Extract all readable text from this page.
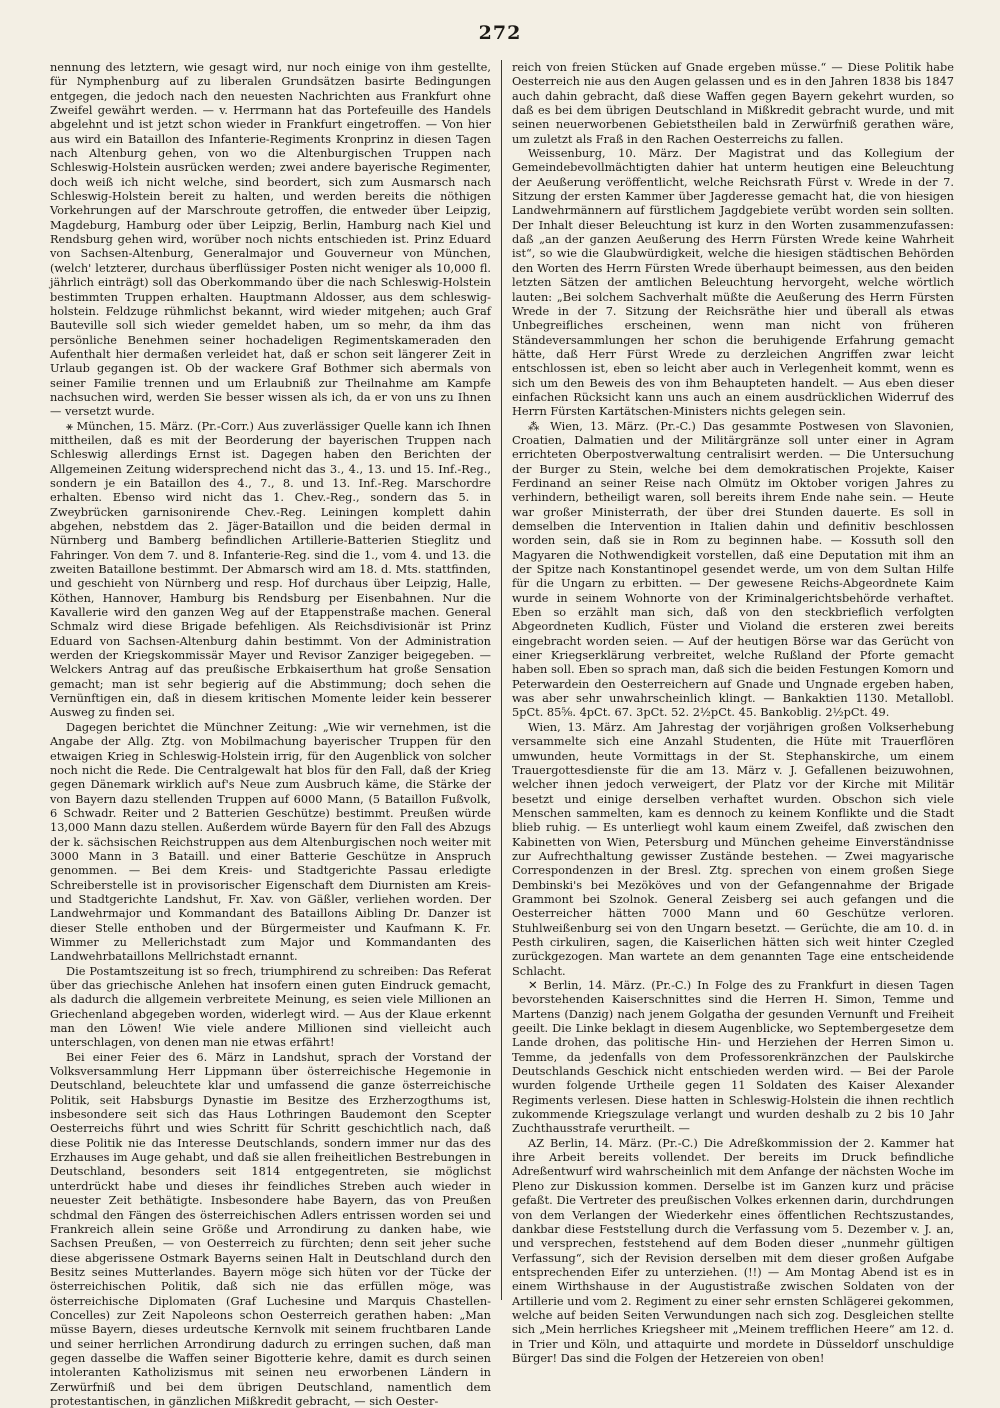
272

nennung des letztern, wie gesagt wird, nur noch einige von ihm gestellte, für Nymphenburg auf zu liberalen Grundsätzen basirte Bedingungen entgegen, die jedoch nach den neuesten Nachrichten aus Frankfurt ohne Zweifel gewährt werden. — v. Herrmann hat das Portefeuille des Handels abgelehnt und ist jetzt schon wieder in Frankfurt eingetroffen. — Von hier aus wird ein Bataillon des Infanterie-Regiments Kronprinz in diesen Tagen nach Altenburg gehen, von wo die Altenburgischen Truppen nach Schleswig-Holstein ausrücken werden; zwei andere bayerische Regimenter, doch weiß ich nicht welche, sind beordert, sich zum Ausmarsch nach Schleswig-Holstein bereit zu halten, und werden bereits die nöthigen Vorkehrungen auf der Marschroute getroffen, die entweder über Leipzig, Magdeburg, Hamburg oder über Leipzig, Berlin, Hamburg nach Kiel und Rendsburg gehen wird, worüber noch nichts entschieden ist. Prinz Eduard von Sachsen-Altenburg, Generalmajor und Gouverneur von München, (welch' letzterer, durchaus überflüssiger Posten nicht weniger als 10,000 fl. jährlich einträgt) soll das Oberkommando über die nach Schleswig-Holstein bestimmten Truppen erhalten. Hauptmann Aldosser, aus dem schleswig-holstein. Feldzuge rühmlichst bekannt, wird wieder mitgehen; auch Graf Bauteville soll sich wieder gemeldet haben, um so mehr, da ihm das persönliche Benehmen seiner hochadeligen Regimentskameraden den Aufenthalt hier dermaßen verleidet hat, daß er schon seit längerer Zeit in Urlaub gegangen ist. Ob der wackere Graf Bothmer sich abermals von seiner Familie trennen und um Erlaubniß zur Theilnahme am Kampfe nachsuchen wird, werden Sie besser wissen als ich, da er von uns zu Ihnen — versetzt wurde.

⚹ München, 15. März. (Pr.-Corr.) Aus zuverlässiger Quelle kann ich Ihnen mittheilen, daß es mit der Beorderung der bayerischen Truppen nach Schleswig allerdings Ernst ist. Dagegen haben den Berichten der Allgemeinen Zeitung widersprechend nicht das 3., 4., 13. und 15. Inf.-Reg., sondern je ein Bataillon des 4., 7., 8. und 13. Inf.-Reg. Marschordre erhalten. Ebenso wird nicht das 1. Chev.-Reg., sondern das 5. in Zweybrücken garnisonirende Chev.-Reg. Leiningen komplett dahin abgehen, nebstdem das 2. Jäger-Bataillon und die beiden dermal in Nürnberg und Bamberg befindlichen Artillerie-Batterien Stieglitz und Fahringer. Von dem 7. und 8. Infanterie-Reg. sind die 1., vom 4. und 13. die zweiten Bataillone bestimmt. Der Abmarsch wird am 18. d. Mts. stattfinden, und geschieht von Nürnberg und resp. Hof durchaus über Leipzig, Halle, Köthen, Hannover, Hamburg bis Rendsburg per Eisenbahnen. Nur die Kavallerie wird den ganzen Weg auf der Etappenstraße machen. General Schmalz wird diese Brigade befehligen. Als Reichsdivisionär ist Prinz Eduard von Sachsen-Altenburg dahin bestimmt. Von der Administration werden der Kriegskommissär Mayer und Revisor Zanziger beigegeben. — Welckers Antrag auf das preußische Erbkaiserthum hat große Sensation gemacht; man ist sehr begierig auf die Abstimmung; doch sehen die Vernünftigen ein, daß in diesem kritischen Momente leider kein besserer Ausweg zu finden sei.

Dagegen berichtet die Münchner Zeitung: „Wie wir vernehmen, ist die Angabe der Allg. Ztg. von Mobilmachung bayerischer Truppen für den etwaigen Krieg in Schleswig-Holstein irrig, für den Augenblick von solcher noch nicht die Rede. Die Centralgewalt hat blos für den Fall, daß der Krieg gegen Dänemark wirklich auf's Neue zum Ausbruch käme, die Stärke der von Bayern dazu stellenden Truppen auf 6000 Mann, (5 Bataillon Fußvolk, 6 Schwadr. Reiter und 2 Batterien Geschütze) bestimmt. Preußen würde 13,000 Mann dazu stellen. Außerdem würde Bayern für den Fall des Abzugs der k. sächsischen Reichstruppen aus dem Altenburgischen noch weiter mit 3000 Mann in 3 Bataill. und einer Batterie Geschütze in Anspruch genommen. — Bei dem Kreis- und Stadtgerichte Passau erledigte Schreiberstelle ist in provisorischer Eigenschaft dem Diurnisten am Kreis- und Stadtgerichte Landshut, Fr. Xav. von Gäßler, verliehen worden. Der Landwehrmajor und Kommandant des Bataillons Aibling Dr. Danzer ist dieser Stelle enthoben und der Bürgermeister und Kaufmann K. Fr. Wimmer zu Mellerichstadt zum Major und Kommandanten des Landwehrbataillons Mellrichstadt ernannt.

Die Postamtszeitung ist so frech, triumphirend zu schreiben: Das Referat über das griechische Anlehen hat insofern einen guten Eindruck gemacht, als dadurch die allgemein verbreitete Meinung, es seien viele Millionen an Griechenland abgegeben worden, widerlegt wird. — Aus der Klaue erkennt man den Löwen! Wie viele andere Millionen sind vielleicht auch unterschlagen, von denen man nie etwas erfährt!

Bei einer Feier des 6. März in Landshut, sprach der Vorstand der Volksversammlung Herr Lippmann über österreichische Hegemonie in Deutschland, beleuchtete klar und umfassend die ganze österreichische Politik, seit Habsburgs Dynastie im Besitze des Erzherzogthums ist, insbesondere seit sich das Haus Lothringen Baudemont den Scepter Oesterreichs führt und wies Schritt für Schritt geschichtlich nach, daß diese Politik nie das Interesse Deutschlands, sondern immer nur das des Erzhauses im Auge gehabt, und daß sie allen freiheitlichen Bestrebungen in Deutschland, besonders seit 1814 entgegentreten, sie möglichst unterdrückt habe und dieses ihr feindliches Streben auch wieder in neuester Zeit bethätigte. Insbesondere habe Bayern, das von Preußen schdmal den Fängen des österreichischen Adlers entrissen worden sei und Frankreich allein seine Größe und Arrondirung zu danken habe, wie Sachsen Preußen, — von Oesterreich zu fürchten; denn seit jeher suche diese abgerissene Ostmark Bayerns seinen Halt in Deutschland durch den Besitz seines Mutterlandes. Bayern möge sich hüten vor der Tücke der österreichischen Politik, daß sich nie das erfüllen möge, was österreichische Diplomaten (Graf Luchesine und Marquis Chastellen-Concelles) zur Zeit Napoleons schon Oesterreich gerathen haben: „Man müsse Bayern, dieses urdeutsche Kernvolk mit seinem fruchtbaren Lande und seiner herrlichen Arrondirung dadurch zu erringen suchen, daß man gegen dasselbe die Waffen seiner Bigotterie kehre, damit es durch seinen intoleranten Katholizismus mit seinen neu erworbenen Ländern in Zerwürfniß und bei dem übrigen Deutschland, namentlich dem protestantischen, in gänzlichen Mißkredit gebracht, — sich Oester-

reich von freien Stücken auf Gnade ergeben müsse.“ — Diese Politik habe Oesterreich nie aus den Augen gelassen und es in den Jahren 1838 bis 1847 auch dahin gebracht, daß diese Waffen gegen Bayern gekehrt wurden, so daß es bei dem übrigen Deutschland in Mißkredit gebracht wurde, und mit seinen neuerworbenen Gebietstheilen bald in Zerwürfniß gerathen wäre, um zuletzt als Fraß in den Rachen Oesterreichs zu fallen.

Weissenburg, 10. März. Der Magistrat und das Kollegium der Gemeindebevollmächtigten dahier hat unterm heutigen eine Beleuchtung der Aeußerung veröffentlicht, welche Reichsrath Fürst v. Wrede in der 7. Sitzung der ersten Kammer über Jagderesse gemacht hat, die von hiesigen Landwehrmännern auf fürstlichem Jagdgebiete verübt worden sein sollten. Der Inhalt dieser Beleuchtung ist kurz in den Worten zusammenzufassen: daß „an der ganzen Aeußerung des Herrn Fürsten Wrede keine Wahrheit ist“, so wie die Glaubwürdigkeit, welche die hiesigen städtischen Behörden den Worten des Herrn Fürsten Wrede überhaupt beimessen, aus den beiden letzten Sätzen der amtlichen Beleuchtung hervorgeht, welche wörtlich lauten: „Bei solchem Sachverhalt müßte die Aeußerung des Herrn Fürsten Wrede in der 7. Sitzung der Reichsräthe hier und überall als etwas Unbegreifliches erscheinen, wenn man nicht von früheren Ständeversammlungen her schon die beruhigende Erfahrung gemacht hätte, daß Herr Fürst Wrede zu derzleichen Angriffen zwar leicht entschlossen ist, eben so leicht aber auch in Verlegenheit kommt, wenn es sich um den Beweis des von ihm Behaupteten handelt. — Aus eben dieser einfachen Rücksicht kann uns auch an einem ausdrücklichen Widerruf des Herrn Fürsten Kartätschen-Ministers nichts gelegen sein.

⁂ Wien, 13. März. (Pr.-C.) Das gesammte Postwesen von Slavonien, Croatien, Dalmatien und der Militärgränze soll unter einer in Agram errichteten Oberpostverwaltung centralisirt werden. — Die Untersuchung der Burger zu Stein, welche bei dem demokratischen Projekte, Kaiser Ferdinand an seiner Reise nach Olmütz im Oktober vorigen Jahres zu verhindern, betheiligt waren, soll bereits ihrem Ende nahe sein. — Heute war großer Ministerrath, der über drei Stunden dauerte. Es soll in demselben die Intervention in Italien dahin und definitiv beschlossen worden sein, daß sie in Rom zu beginnen habe. — Kossuth soll den Magyaren die Nothwendigkeit vorstellen, daß eine Deputation mit ihm an der Spitze nach Konstantinopel gesendet werde, um von dem Sultan Hilfe für die Ungarn zu erbitten. — Der gewesene Reichs-Abgeordnete Kaim wurde in seinem Wohnorte von der Kriminalgerichtsbehörde verhaftet. Eben so erzählt man sich, daß von den steckbrieflich verfolgten Abgeordneten Kudlich, Füster und Violand die ersteren zwei bereits eingebracht worden seien. — Auf der heutigen Börse war das Gerücht von einer Kriegserklärung verbreitet, welche Rußland der Pforte gemacht haben soll. Eben so sprach man, daß sich die beiden Festungen Komorn und Peterwardein den Oesterreichern auf Gnade und Ungnade ergeben haben, was aber sehr unwahrscheinlich klingt. — Bankaktien 1130. Metallobl. 5pCt. 85⅝. 4pCt. 67. 3pCt. 52. 2½pCt. 45. Bankoblig. 2½pCt. 49.

Wien, 13. März. Am Jahrestag der vorjährigen großen Volkserhebung versammelte sich eine Anzahl Studenten, die Hüte mit Trauerflören umwunden, heute Vormittags in der St. Stephanskirche, um einem Trauergottesdienste für die am 13. März v. J. Gefallenen beizuwohnen, welcher ihnen jedoch verweigert, der Platz vor der Kirche mit Militär besetzt und einige derselben verhaftet wurden. Obschon sich viele Menschen sammelten, kam es dennoch zu keinem Konflikte und die Stadt blieb ruhig. — Es unterliegt wohl kaum einem Zweifel, daß zwischen den Kabinetten von Wien, Petersburg und München geheime Einverständnisse zur Aufrechthaltung gewisser Zustände bestehen. — Zwei magyarische Correspondenzen in der Bresl. Ztg. sprechen von einem großen Siege Dembinski's bei Mezököves und von der Gefangennahme der Brigade Grammont bei Szolnok. General Zeisberg sei auch gefangen und die Oesterreicher hätten 7000 Mann und 60 Geschütze verloren. Stuhlweißenburg sei von den Ungarn besetzt. — Gerüchte, die am 10. d. in Pesth cirkuliren, sagen, die Kaiserlichen hätten sich weit hinter Czegled zurückgezogen. Man wartete an dem genannten Tage eine entscheidende Schlacht.

✕ Berlin, 14. März. (Pr.-C.) In Folge des zu Frankfurt in diesen Tagen bevorstehenden Kaiserschnittes sind die Herren H. Simon, Temme und Martens (Danzig) nach jenem Golgatha der gesunden Vernunft und Freiheit geeilt. Die Linke beklagt in diesem Augenblicke, wo Septembergesetze dem Lande drohen, das politische Hin- und Herziehen der Herren Simon u. Temme, da jedenfalls von dem Professorenkränzchen der Paulskirche Deutschlands Geschick nicht entschieden werden wird. — Bei der Parole wurden folgende Urtheile gegen 11 Soldaten des Kaiser Alexander Regiments verlesen. Diese hatten in Schleswig-Holstein die ihnen rechtlich zukommende Kriegszulage verlangt und wurden deshalb zu 2 bis 10 Jahr Zuchthausstrafe verurtheilt. —

AZ Berlin, 14. März. (Pr.-C.) Die Adreßkommission der 2. Kammer hat ihre Arbeit bereits vollendet. Der bereits im Druck befindliche Adreßentwurf wird wahrscheinlich mit dem Anfange der nächsten Woche im Pleno zur Diskussion kommen. Derselbe ist im Ganzen kurz und präcise gefaßt. Die Vertreter des preußischen Volkes erkennen darin, durchdrungen von dem Verlangen der Wiederkehr eines öffentlichen Rechtszustandes, dankbar diese Feststellung durch die Verfassung vom 5. Dezember v. J. an, und versprechen, feststehend auf dem Boden dieser „nunmehr gültigen Verfassung“, sich der Revision derselben mit dem dieser großen Aufgabe entsprechenden Eifer zu unterziehen. (!!) — Am Montag Abend ist es in einem Wirthshause in der Augustistraße zwischen Soldaten von der Artillerie und vom 2. Regiment zu einer sehr ernsten Schlägerei gekommen, welche auf beiden Seiten Verwundungen nach sich zog. Desgleichen stellte sich „Mein herrliches Kriegsheer mit „Meinem trefflichen Heere“ am 12. d. in Trier und Köln, und attaquirte und mordete in Düsseldorf unschuldige Bürger! Das sind die Folgen der Hetzereien von oben!
